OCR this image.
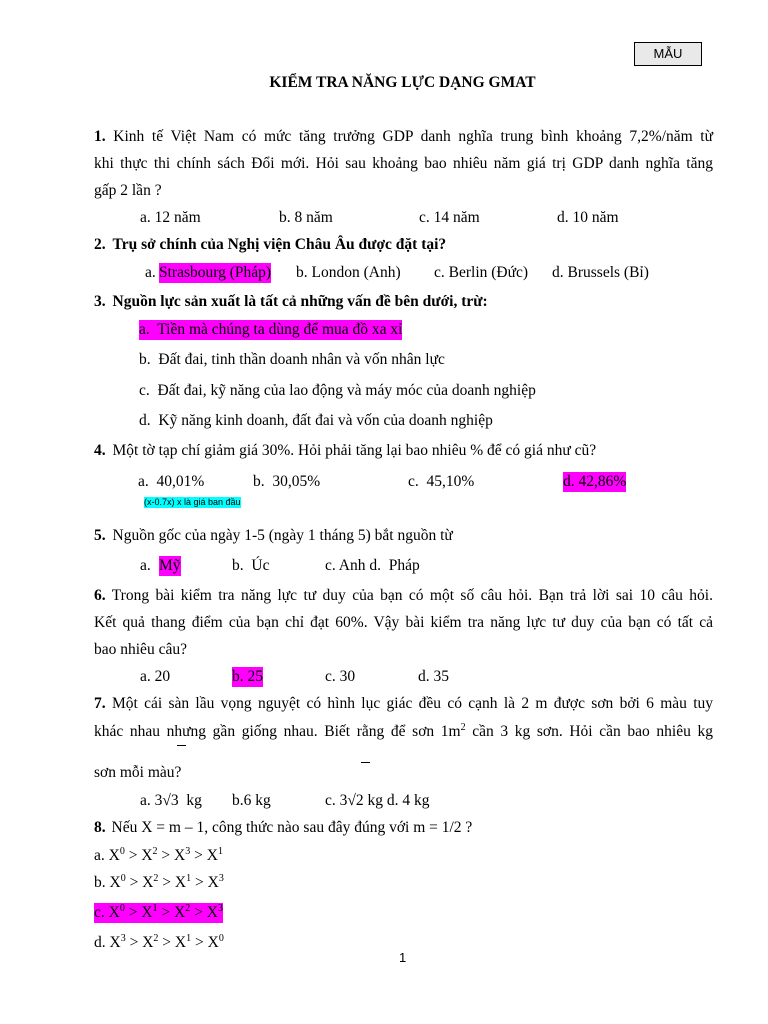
MẪU
KIỂM TRA NĂNG LỰC DẠNG GMAT
1. Kinh tế Việt Nam có mức tăng trưởng GDP danh nghĩa trung bình khoảng 7,2%/năm từ
khi thực thi chính sách Đổi mới. Hỏi sau khoảng bao nhiêu năm giá trị GDP danh nghĩa tăng
gấp 2 lần ?
a. 12 năm	b. 8 năm	c. 14 năm	d. 10 năm
2. Trụ sở chính của Nghị viện Châu Âu được đặt tại?
a. Strasbourg (Pháp) b. London (Anh) c. Berlin (Đức) d. Brussels (Bỉ)
3. Nguồn lực sản xuất là tất cả những vấn đề bên dưới, trừ:
a.  Tiền mà chúng ta dùng để mua đồ xa xỉ
b.  Đất đai, tinh thần doanh nhân và vốn nhân lực
c.  Đất đai, kỹ năng của lao động và máy móc của doanh nghiệp
d.  Kỹ năng kinh doanh, đất đai và vốn của doanh nghiệp
4. Một tờ tạp chí giảm giá 30%. Hỏi phải tăng lại bao nhiêu % để có giá như cũ?
a.  40,01%	b.  30,05%	c.  45,10%	d. 42,86%
(x-0.7x) x là giá ban đầu
5. Nguồn gốc của ngày 1-5 (ngày 1 tháng 5) bắt nguồn từ
a. Mỹ	b.  Úc	c. Anh d.  Pháp
6. Trong bài kiểm tra năng lực tư duy của bạn có một số câu hỏi. Bạn trả lời sai 10 câu hỏi.
Kết quả thang điểm của bạn chỉ đạt 60%. Vậy bài kiểm tra năng lực tư duy của bạn có tất cả
bao nhiêu câu?
a. 20	b. 25	c. 30	d. 35
7. Một cái sàn lầu vọng nguyệt có hình lục giác đều có cạnh là 2 m được sơn bởi 6 màu tuy
khác nhau nhưng gần giống nhau. Biết rằng để sơn $1m^2$ cần 3 kg sơn. Hỏi cần bao nhiêu kg
sơn mỗi màu?
a. 3√3  kg b.6 kg	c. 3√2 kg d. 4 kg
8. Nếu X = m – 1, công thức nào sau đây đúng với m = 1/2 ?
a. $X^0 > X^2 > X^3 > X^1$
b. $X^0 > X^2 > X^1 > X^3$
c. $X^0 > X^1 > X^2 > X^3$
d. $X^3 > X^2 > X^1 > X^0$
1
